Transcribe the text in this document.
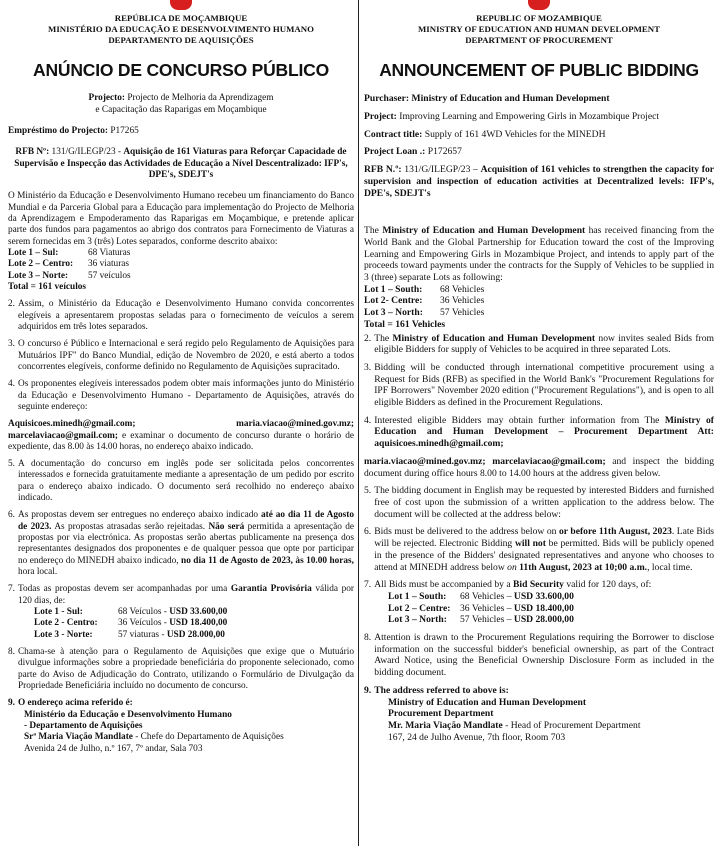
REPÚBLICA DE MOÇAMBIQUE
MINISTÉRIO DA EDUCAÇÃO E DESENVOLVIMENTO HUMANO
DEPARTAMENTO DE AQUISIÇÕES
ANÚNCIO DE CONCURSO PÚBLICO

Projecto: Projecto de Melhoria da Aprendizagem

e Capacitação das Raparigas em Moçambique

Empréstimo do Projecto: P17265

RFB Nº: 131/G/ILEGP/23 - Aquisição de 161 Viaturas para Reforçar Capacidade de Supervisão e Inspecção das Actividades de Educação a Nível Descentralizado: IFP's, DPE's, SDEJT's

O Ministério da Educação e Desenvolvimento Humano recebeu um financiamento do Banco Mundial e da Parceria Global para a Educação para implementação do Projecto de Melhoria da Aprendizagem e Empoderamento das Raparigas em Moçambique, e pretende aplicar parte dos fundos para pagamentos ao abrigo dos contratos para Fornecimento de Viaturas a serem fornecidas em 3 (três) Lotes separados, conforme descrito abaixo:

Lote 1 – Sul:	68 Viaturas
Lote 2 – Centro: 36 viaturas
Lote 3 – Norte: 57 veículos
Total = 161 veículos
2. Assim, o Ministério da Educação e Desenvolvimento Humano convida concorrentes elegíveis a apresentarem propostas seladas para o fornecimento de veículos a serem adquiridos em três lotes separados.
3. O concurso é Público e Internacional e será regido pelo Regulamento de Aquisições para Mutuários IPF" do Banco Mundial, edição de Novembro de 2020, e está aberto a todos concorrentes elegíveis, conforme definido no Regulamento de Aquisições supracitado.
4. Os proponentes elegíveis interessados podem obter mais informações junto do Ministério da Educação e Desenvolvimento Humano - Departamento de Aquisições, através do seguinte endereço:

Aquisicoes.minedh@gmail.com;	maria.viacao@mined.gov.mz; marcelaviacao@gmail.com; e examinar o documento de concurso durante o horário de expediente, das 8.00 às 14.00 horas, no endereço abaixo indicado.

5. A documentação do concurso em inglês pode ser solicitada pelos concorrentes interessados e fornecida gratuitamente mediante a apresentação de um pedido por escrito para o endereço abaixo indicado. O documento será recolhido no endereço abaixo indicado.
6. As propostas devem ser entregues no endereço abaixo indicado até ao dia 11 de Agosto de 2023. As propostas atrasadas serão rejeitadas. Não será permitida a apresentação de propostas por via electrónica. As propostas serão abertas publicamente na presença dos representantes designados dos proponentes e de qualquer pessoa que opte por participar no endereço do MINEDH abaixo indicado, no dia 11 de Agosto de 2023, às 10.00 horas, hora local.
7. Todas as propostas devem ser acompanhadas por uma Garantia Provisória válida por 120 dias, de:
Lote 1 - Sul:	68 Veículos - USD 33.600,00
Lote 2 - Centro: 36 Veículos - USD 18.400,00
Lote 3 - Norte:	57 viaturas - USD 28.000,00
8. Chama-se à atenção para o Regulamento de Aquisições que exige que o Mutuário divulgue informações sobre a propriedade beneficiária do proponente selecionado, como parte do Aviso de Adjudicação do Contrato, utilizando o Formulário de Divulgação da Propriedade Beneficiária incluído no documento de concurso.
9. O endereço acima referido é:
Ministério da Educação e Desenvolvimento Humano
- Departamento de Aquisições
Srª Maria Viação Mandlate - Chefe do Departamento de Aquisições
Avenida 24 de Julho, n.º 167, 7º andar, Sala 703
REPUBLIC OF MOZAMBIQUE
MINISTRY OF EDUCATION AND HUMAN DEVELOPMENT
DEPARTMENT OF PROCUREMENT
ANNOUNCEMENT OF PUBLIC BIDDING

Purchaser: Ministry of Education and Human Development

Project: Improving Learning and Empowering Girls in Mozambique Project

Contract title: Supply of 161 4WD Vehicles for the MINEDH

Project Loan .: P172657

RFB N.º: 131/G/ILEGP/23 – Acquisition of 161 vehicles to strengthen the capacity for supervision and inspection of education activities at Decentralized levels: IFP's, DPE's, SDEJT's

The Ministry of Education and Human Development has received financing from the World Bank and the Global Partnership for Education toward the cost of the Improving Learning and Empowering Girls in Mozambique Project, and intends to apply part of the proceeds toward payments under the contracts for the Supply of Vehicles to be supplied in 3 (three) separate Lots as following:

Lot 1 – South: 68 Vehicles
Lot 2- Centre: 36 Vehicles
Lot 3 – North: 57 Vehicles
Total = 161 Vehicles
2. The Ministry of Education and Human Development now invites sealed Bids from eligible Bidders for supply of Vehicles to be acquired in three separated Lots.
3. Bidding will be conducted through international competitive procurement using a Request for Bids (RFB) as specified in the World Bank's "Procurement Regulations for IPF Borrowers" November 2020 edition ("Procurement Regulations"), and is open to all eligible Bidders as defined in the Procurement Regulations.
4. Interested eligible Bidders may obtain further information from The Ministry of Education and Human Development – Procurement Department Att: aquisicoes.minedh@gmail.com;

maria.viacao@mined.gov.mz; marcelaviacao@gmail.com; and inspect the bidding document during office hours 8.00 to 14.00 hours at the address given below.

5. The bidding document in English may be requested by interested Bidders and furnished free of cost upon the submission of a written application to the address below. The document will be collected at the address below:
6. Bids must be delivered to the address below on or before 11th August, 2023. Late Bids will be rejected. Electronic Bidding will not be permitted. Bids will be publicly opened in the presence of the Bidders' designated representatives and anyone who chooses to attend at MINEDH address below on 11th August, 2023 at 10;00 a.m., local time.
7. All Bids must be accompanied by a Bid Security valid for 120 days, of:
Lot 1 – South: 68 Vehicles – USD 33.600,00
Lot 2 – Centre: 36 Vehicles – USD 18.400,00
Lot 3 – North: 57 Vehicles – USD 28.000,00
8. Attention is drawn to the Procurement Regulations requiring the Borrower to disclose information on the successful bidder's beneficial ownership, as part of the Contract Award Notice, using the Beneficial Ownership Disclosure Form as included in the bidding document.
9. The address referred to above is:
Ministry of Education and Human Development
Procurement Department
Mr. Maria Viação Mandlate - Head of Procurement Department
167, 24 de Julho Avenue, 7th floor, Room 703
